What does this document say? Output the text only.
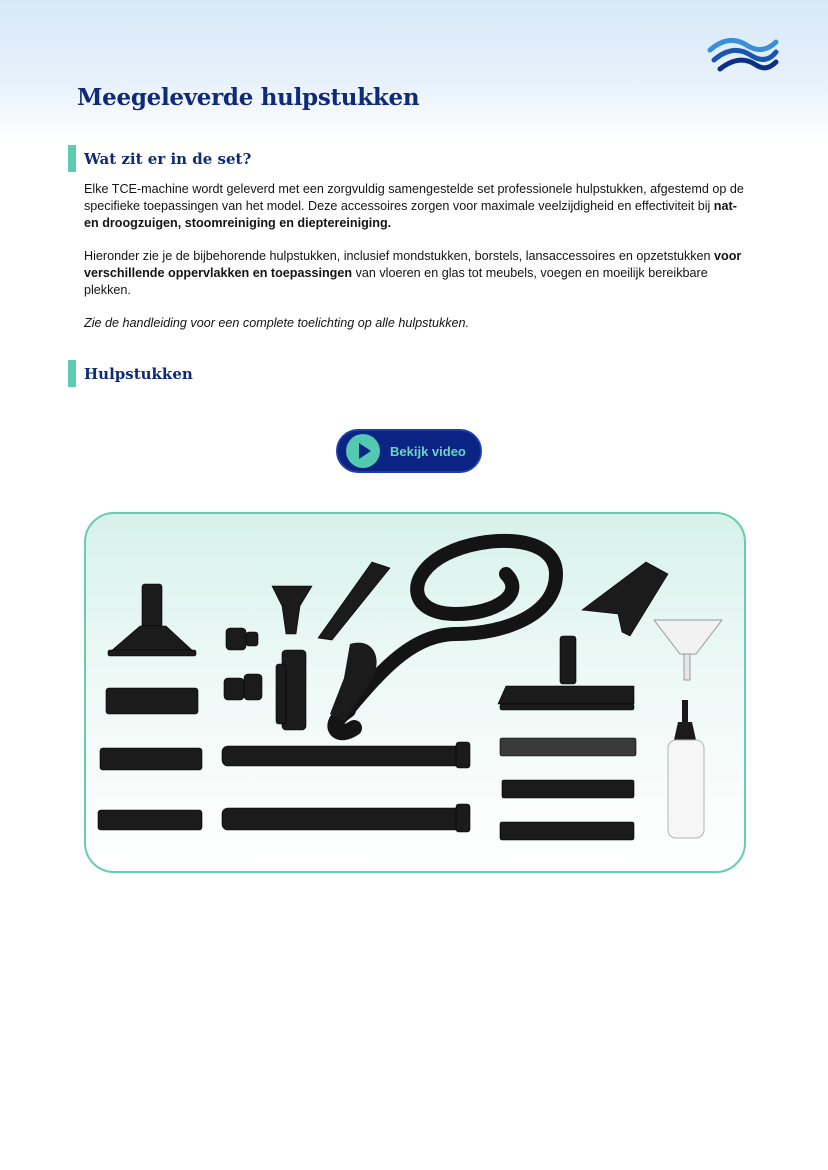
Meegeleverde hulpstukken
Wat zit er in de set?

Elke TCE-machine wordt geleverd met een zorgvuldig samengestelde set professionele hulpstukken, afgestemd op de specifieke toepassingen van het model. Deze accessoires zorgen voor maximale veelzijdigheid en effectiviteit bij nat- en droogzuigen, stoomreiniging en dieptereiniging.

Hieronder zie je de bijbehorende hulpstukken, inclusief mondstukken, borstels, lansaccessoires en opzetstukken voor verschillende oppervlakken en toepassingen van vloeren en glas tot meubels, voegen en moeilijk bereikbare plekken.

Zie de handleiding voor een complete toelichting op alle hulpstukken.

Hulpstukken
Bekijk video
